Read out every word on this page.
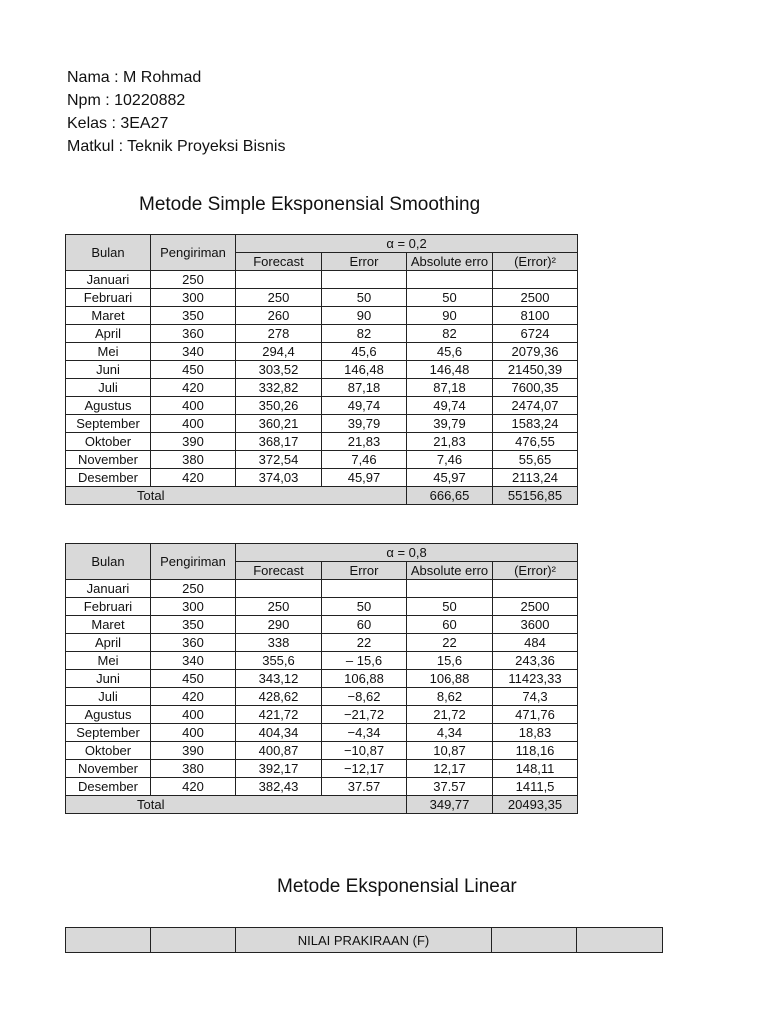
Nama : M Rohmad
Npm : 10220882
Kelas : 3EA27
Matkul : Teknik Proyeksi Bisnis
Metode Simple Eksponensial Smoothing
Bulan	Pengiriman	α = 0,2			
		Forecast	Error	Absolute erro	(Error)²
Januari	250				
Februari	300	250	50	50	2500
Maret	350	260	90	90	8100
April	360	278	82	82	6724
Mei	340	294,4	45,6	45,6	2079,36
Juni	450	303,52	146,48	146,48	21450,39
Juli	420	332,82	87,18	87,18	7600,35
Agustus	400	350,26	49,74	49,74	2474,07
September	400	360,21	39,79	39,79	1583,24
Oktober	390	368,17	21,83	21,83	476,55
November	380	372,54	7,46	7,46	55,65
Desember	420	374,03	45,97	45,97	2113,24
Total				666,65	55156,85
Bulan	Pengiriman	α = 0,8			
		Forecast	Error	Absolute erro	(Error)²
Januari	250				
Februari	300	250	50	50	2500
Maret	350	290	60	60	3600
April	360	338	22	22	484
Mei	340	355,6	– 15,6	15,6	243,36
Juni	450	343,12	106,88	106,88	11423,33
Juli	420	428,62	−8,62	8,62	74,3
Agustus	400	421,72	−21,72	21,72	471,76
September	400	404,34	−4,34	4,34	18,83
Oktober	390	400,87	−10,87	10,87	118,16
November	380	392,17	−12,17	12,17	148,11
Desember	420	382,43	37.57	37.57	1411,5
Total				349,77	20493,35
Metode Eksponensial Linear
		NILAI PRAKIRAAN (F)		
